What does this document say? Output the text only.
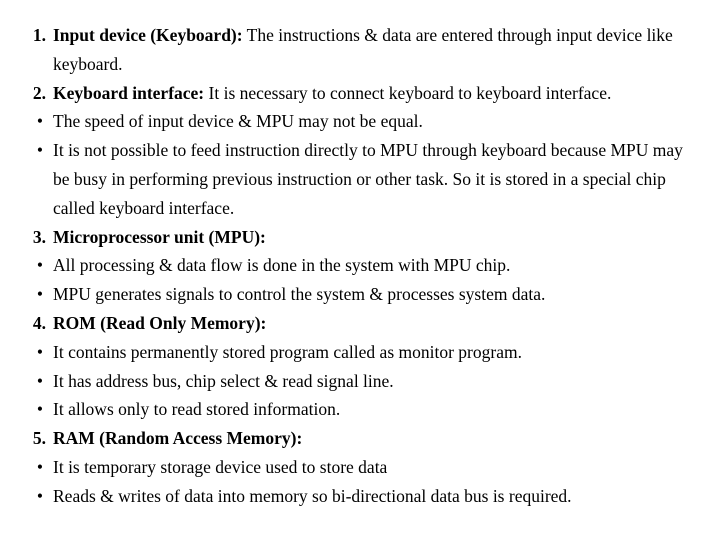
1. Input device (Keyboard): The instructions & data are entered through input device like keyboard.
2. Keyboard interface: It is necessary to connect keyboard to keyboard interface.
• The speed of input device & MPU may not be equal.
• It is not possible to feed instruction directly to MPU through keyboard because MPU may be busy in performing previous instruction or other task. So it is stored in a special chip called keyboard interface.
3. Microprocessor unit (MPU):
• All processing & data flow is done in the system with MPU chip.
• MPU generates signals to control the system & processes system data.
4. ROM (Read Only Memory):
• It contains permanently stored program called as monitor program.
• It has address bus, chip select & read signal line.
• It allows only to read stored information.
5. RAM (Random Access Memory):
• It is temporary storage device used to store data
• Reads & writes of data into memory so bi-directional data bus is required.
